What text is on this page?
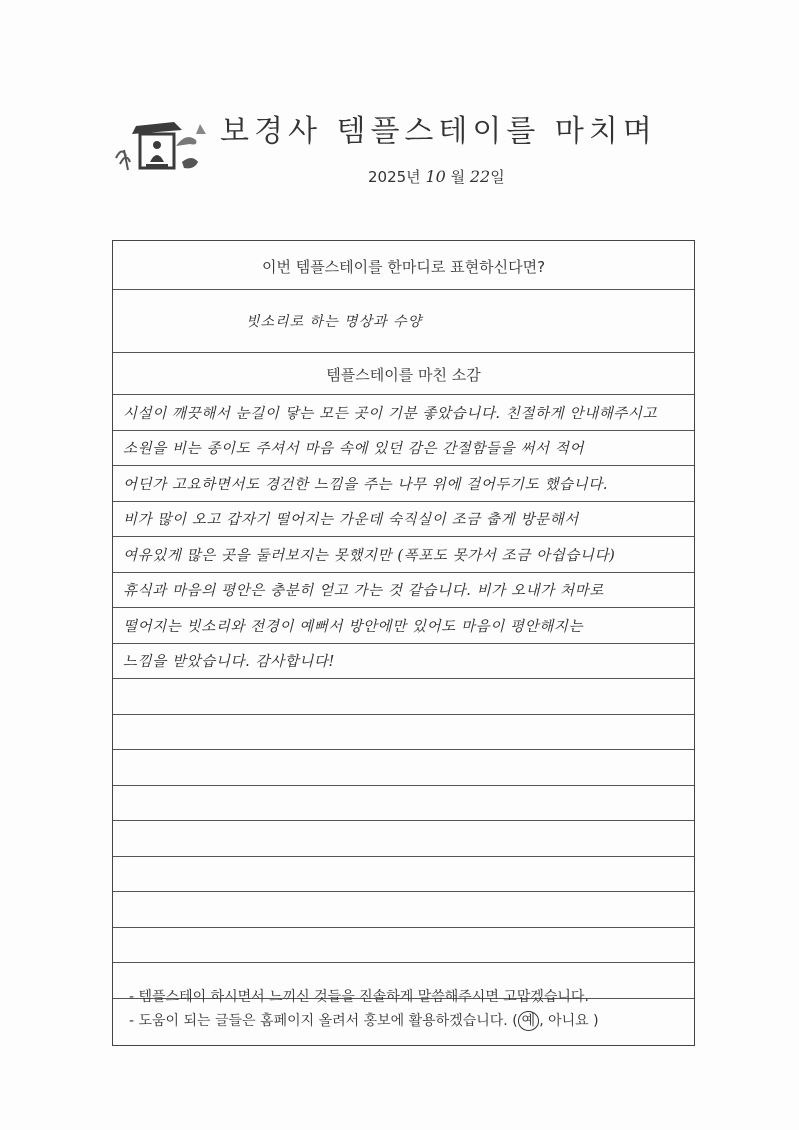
보경사 템플스테이를 마치며
2025년 10 월 22일
이번 템플스테이를 한마디로 표현하신다면?
빗소리로 하는 명상과 수양
템플스테이를 마친 소감
시설이 깨끗해서 눈길이 닿는 모든 곳이 기분 좋았습니다. 친절하게 안내해주시고
소원을 비는 종이도 주셔서 마음 속에 있던 감은 간절함들을 써서 적어
어딘가 고요하면서도 경건한 느낌을 주는 나무 위에 걸어두기도 했습니다.
비가 많이 오고 갑자기 떨어지는 가운데 숙직실이 조금 춥게 방문해서
여유있게 많은 곳을 둘러보지는 못했지만 (폭포도 못가서 조금 아쉽습니다)
휴식과 마음의 평안은 충분히 얻고 가는 것 같습니다. 비가 오내가 처마로
떨어지는 빗소리와 전경이 예뻐서 방안에만 있어도 마음이 평안해지는
느낌을 받았습니다. 감사합니다!
- 템플스테이 하시면서 느끼신 것들을 진솔하게 말씀해주시면 고맙겠습니다.
- 도움이 되는 글들은 홈페이지 올려서 홍보에 활용하겠습니다. ( 예 , 아니요 )
